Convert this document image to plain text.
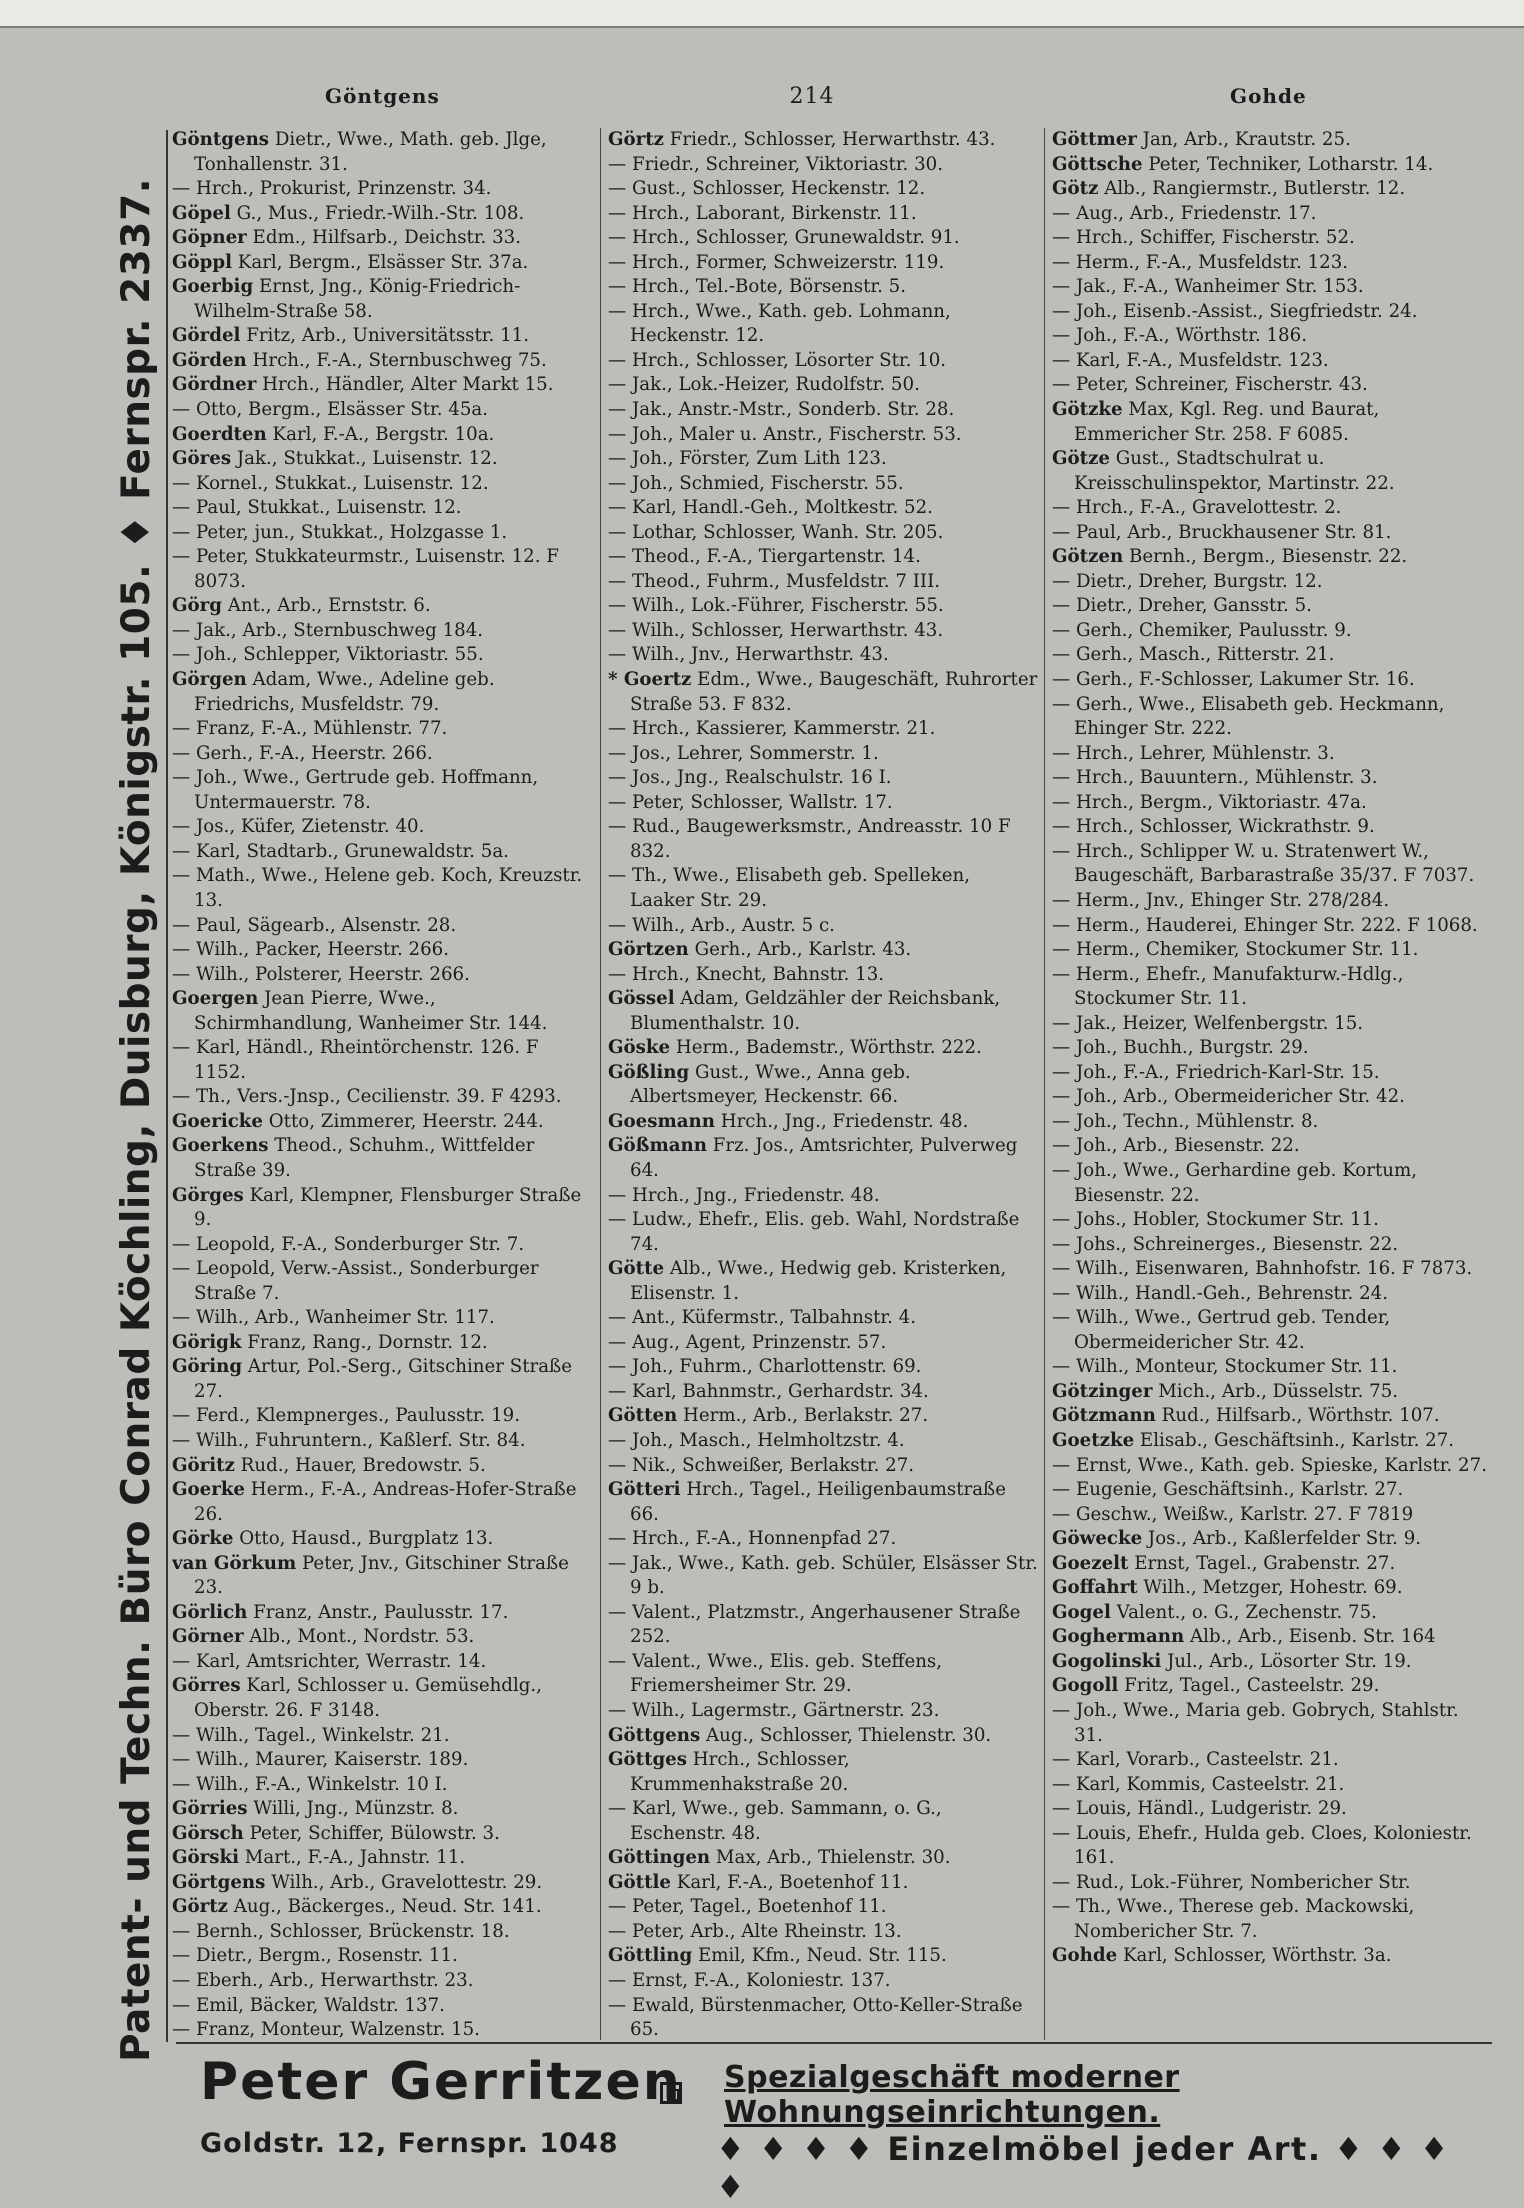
Patent- und Techn. Büro Conrad Köchling, Duisburg, Königstr. 105. ♦ Fernspr. 2337.
Göntgens	214	Gohde

Göntgens Dietr., Wwe., Math. geb. Jlge, Tonhallenstr. 31.

— Hrch., Prokurist, Prinzenstr. 34.

Göpel G., Mus., Friedr.-Wilh.-Str. 108.

Göpner Edm., Hilfsarb., Deichstr. 33.

Göppl Karl, Bergm., Elsässer Str. 37a.

Goerbig Ernst, Jng., König-Friedrich-Wilhelm-Straße 58.

Gördel Fritz, Arb., Universitätsstr. 11.

Görden Hrch., F.-A., Sternbuschweg 75.

Gördner Hrch., Händler, Alter Markt 15.

— Otto, Bergm., Elsässer Str. 45a.

Goerdten Karl, F.-A., Bergstr. 10a.

Göres Jak., Stukkat., Luisenstr. 12.

— Kornel., Stukkat., Luisenstr. 12.

— Paul, Stukkat., Luisenstr. 12.

— Peter, jun., Stukkat., Holzgasse 1.

— Peter, Stukkateurmstr., Luisenstr. 12. F 8073.

Görg Ant., Arb., Ernststr. 6.

— Jak., Arb., Sternbuschweg 184.

— Joh., Schlepper, Viktoriastr. 55.

Görgen Adam, Wwe., Adeline geb. Friedrichs, Musfeldstr. 79.

— Franz, F.-A., Mühlenstr. 77.

— Gerh., F.-A., Heerstr. 266.

— Joh., Wwe., Gertrude geb. Hoffmann, Untermauerstr. 78.

— Jos., Küfer, Zietenstr. 40.

— Karl, Stadtarb., Grunewaldstr. 5a.

— Math., Wwe., Helene geb. Koch, Kreuzstr. 13.

— Paul, Sägearb., Alsenstr. 28.

— Wilh., Packer, Heerstr. 266.

— Wilh., Polsterer, Heerstr. 266.

Goergen Jean Pierre, Wwe., Schirmhandlung, Wanheimer Str. 144.

— Karl, Händl., Rheintörchenstr. 126. F 1152.

— Th., Vers.-Jnsp., Cecilienstr. 39. F 4293.

Goericke Otto, Zimmerer, Heerstr. 244.

Goerkens Theod., Schuhm., Wittfelder Straße 39.

Görges Karl, Klempner, Flensburger Straße 9.

— Leopold, F.-A., Sonderburger Str. 7.

— Leopold, Verw.-Assist., Sonderburger Straße 7.

— Wilh., Arb., Wanheimer Str. 117.

Görigk Franz, Rang., Dornstr. 12.

Göring Artur, Pol.-Serg., Gitschiner Straße 27.

— Ferd., Klempnerges., Paulusstr. 19.

— Wilh., Fuhruntern., Kaßlerf. Str. 84.

Göritz Rud., Hauer, Bredowstr. 5.

Goerke Herm., F.-A., Andreas-Hofer-Straße 26.

Görke Otto, Hausd., Burgplatz 13.

van Görkum Peter, Jnv., Gitschiner Straße 23.

Görlich Franz, Anstr., Paulusstr. 17.

Görner Alb., Mont., Nordstr. 53.

— Karl, Amtsrichter, Werrastr. 14.

Görres Karl, Schlosser u. Gemüsehdlg., Oberstr. 26. F 3148.

— Wilh., Tagel., Winkelstr. 21.

— Wilh., Maurer, Kaiserstr. 189.

— Wilh., F.-A., Winkelstr. 10 I.

Görries Willi, Jng., Münzstr. 8.

Görsch Peter, Schiffer, Bülowstr. 3.

Görski Mart., F.-A., Jahnstr. 11.

Görtgens Wilh., Arb., Gravelottestr. 29.

Görtz Aug., Bäckerges., Neud. Str. 141.

— Bernh., Schlosser, Brückenstr. 18.

— Dietr., Bergm., Rosenstr. 11.

— Eberh., Arb., Herwarthstr. 23.

— Emil, Bäcker, Waldstr. 137.

— Franz, Monteur, Walzenstr. 15.

Görtz Friedr., Schlosser, Herwarthstr. 43.

— Friedr., Schreiner, Viktoriastr. 30.

— Gust., Schlosser, Heckenstr. 12.

— Hrch., Laborant, Birkenstr. 11.

— Hrch., Schlosser, Grunewaldstr. 91.

— Hrch., Former, Schweizerstr. 119.

— Hrch., Tel.-Bote, Börsenstr. 5.

— Hrch., Wwe., Kath. geb. Lohmann, Heckenstr. 12.

— Hrch., Schlosser, Lösorter Str. 10.

— Jak., Lok.-Heizer, Rudolfstr. 50.

— Jak., Anstr.-Mstr., Sonderb. Str. 28.

— Joh., Maler u. Anstr., Fischerstr. 53.

— Joh., Förster, Zum Lith 123.

— Joh., Schmied, Fischerstr. 55.

— Karl, Handl.-Geh., Moltkestr. 52.

— Lothar, Schlosser, Wanh. Str. 205.

— Theod., F.-A., Tiergartenstr. 14.

— Theod., Fuhrm., Musfeldstr. 7 III.

— Wilh., Lok.-Führer, Fischerstr. 55.

— Wilh., Schlosser, Herwarthstr. 43.

— Wilh., Jnv., Herwarthstr. 43.

* Goertz Edm., Wwe., Baugeschäft, Ruhrorter Straße 53. F 832.

— Hrch., Kassierer, Kammerstr. 21.

— Jos., Lehrer, Sommerstr. 1.

— Jos., Jng., Realschulstr. 16 I.

— Peter, Schlosser, Wallstr. 17.

— Rud., Baugewerksmstr., Andreasstr. 10 F 832.

— Th., Wwe., Elisabeth geb. Spelleken, Laaker Str. 29.

— Wilh., Arb., Austr. 5 c.

Görtzen Gerh., Arb., Karlstr. 43.

— Hrch., Knecht, Bahnstr. 13.

Gössel Adam, Geldzähler der Reichsbank, Blumenthalstr. 10.

Göske Herm., Bademstr., Wörthstr. 222.

Gößling Gust., Wwe., Anna geb. Albertsmeyer, Heckenstr. 66.

Goesmann Hrch., Jng., Friedenstr. 48.

Gößmann Frz. Jos., Amtsrichter, Pulverweg 64.

— Hrch., Jng., Friedenstr. 48.

— Ludw., Ehefr., Elis. geb. Wahl, Nordstraße 74.

Götte Alb., Wwe., Hedwig geb. Kristerken, Elisenstr. 1.

— Ant., Küfermstr., Talbahnstr. 4.

— Aug., Agent, Prinzenstr. 57.

— Joh., Fuhrm., Charlottenstr. 69.

— Karl, Bahnmstr., Gerhardstr. 34.

Götten Herm., Arb., Berlakstr. 27.

— Joh., Masch., Helmholtzstr. 4.

— Nik., Schweißer, Berlakstr. 27.

Götteri Hrch., Tagel., Heiligenbaumstraße 66.

— Hrch., F.-A., Honnenpfad 27.

— Jak., Wwe., Kath. geb. Schüler, Elsässer Str. 9 b.

— Valent., Platzmstr., Angerhausener Straße 252.

— Valent., Wwe., Elis. geb. Steffens, Friemersheimer Str. 29.

— Wilh., Lagermstr., Gärtnerstr. 23.

Göttgens Aug., Schlosser, Thielenstr. 30.

Göttges Hrch., Schlosser, Krummenhakstraße 20.

— Karl, Wwe., geb. Sammann, o. G., Eschenstr. 48.

Göttingen Max, Arb., Thielenstr. 30.

Göttle Karl, F.-A., Boetenhof 11.

— Peter, Tagel., Boetenhof 11.

— Peter, Arb., Alte Rheinstr. 13.

Göttling Emil, Kfm., Neud. Str. 115.

— Ernst, F.-A., Koloniestr. 137.

— Ewald, Bürstenmacher, Otto-Keller-Straße 65.

Göttmer Jan, Arb., Krautstr. 25.

Göttsche Peter, Techniker, Lotharstr. 14.

Götz Alb., Rangiermstr., Butlerstr. 12.

— Aug., Arb., Friedenstr. 17.

— Hrch., Schiffer, Fischerstr. 52.

— Herm., F.-A., Musfeldstr. 123.

— Jak., F.-A., Wanheimer Str. 153.

— Joh., Eisenb.-Assist., Siegfriedstr. 24.

— Joh., F.-A., Wörthstr. 186.

— Karl, F.-A., Musfeldstr. 123.

— Peter, Schreiner, Fischerstr. 43.

Götzke Max, Kgl. Reg. und Baurat, Emmericher Str. 258. F 6085.

Götze Gust., Stadtschulrat u. Kreisschulinspektor, Martinstr. 22.

— Hrch., F.-A., Gravelottestr. 2.

— Paul, Arb., Bruckhausener Str. 81.

Götzen Bernh., Bergm., Biesenstr. 22.

— Dietr., Dreher, Burgstr. 12.

— Dietr., Dreher, Gansstr. 5.

— Gerh., Chemiker, Paulusstr. 9.

— Gerh., Masch., Ritterstr. 21.

— Gerh., F.-Schlosser, Lakumer Str. 16.

— Gerh., Wwe., Elisabeth geb. Heckmann, Ehinger Str. 222.

— Hrch., Lehrer, Mühlenstr. 3.

— Hrch., Bauuntern., Mühlenstr. 3.

— Hrch., Bergm., Viktoriastr. 47a.

— Hrch., Schlosser, Wickrathstr. 9.

— Hrch., Schlipper W. u. Stratenwert W., Baugeschäft, Barbarastraße 35/37. F 7037.

— Herm., Jnv., Ehinger Str. 278/284.

— Herm., Hauderei, Ehinger Str. 222. F 1068.

— Herm., Chemiker, Stockumer Str. 11.

— Herm., Ehefr., Manufakturw.-Hdlg., Stockumer Str. 11.

— Jak., Heizer, Welfenbergstr. 15.

— Joh., Buchh., Burgstr. 29.

— Joh., F.-A., Friedrich-Karl-Str. 15.

— Joh., Arb., Obermeidericher Str. 42.

— Joh., Techn., Mühlenstr. 8.

— Joh., Arb., Biesenstr. 22.

— Joh., Wwe., Gerhardine geb. Kortum, Biesenstr. 22.

— Johs., Hobler, Stockumer Str. 11.

— Johs., Schreinerges., Biesenstr. 22.

— Wilh., Eisenwaren, Bahnhofstr. 16. F 7873.

— Wilh., Handl.-Geh., Behrenstr. 24.

— Wilh., Wwe., Gertrud geb. Tender, Obermeidericher Str. 42.

— Wilh., Monteur, Stockumer Str. 11.

Götzinger Mich., Arb., Düsselstr. 75.

Götzmann Rud., Hilfsarb., Wörthstr. 107.

Goetzke Elisab., Geschäftsinh., Karlstr. 27.

— Ernst, Wwe., Kath. geb. Spieske, Karlstr. 27.

— Eugenie, Geschäftsinh., Karlstr. 27.

— Geschw., Weißw., Karlstr. 27. F 7819

Göwecke Jos., Arb., Kaßlerfelder Str. 9.

Goezelt Ernst, Tagel., Grabenstr. 27.

Goffahrt Wilh., Metzger, Hohestr. 69.

Gogel Valent., o. G., Zechenstr. 75.

Goghermann Alb., Arb., Eisenb. Str. 164

Gogolinski Jul., Arb., Lösorter Str. 19.

Gogoll Fritz, Tagel., Casteelstr. 29.

— Joh., Wwe., Maria geb. Gobrych, Stahlstr. 31.

— Karl, Vorarb., Casteelstr. 21.

— Karl, Kommis, Casteelstr. 21.

— Louis, Händl., Ludgeristr. 29.

— Louis, Ehefr., Hulda geb. Cloes, Koloniestr. 161.

— Rud., Lok.-Führer, Nombericher Str.

— Th., Wwe., Therese geb. Mackowski, Nombericher Str. 7.

Gohde Karl, Schlosser, Wörthstr. 3a.

Peter Gerritzen
Goldstr. 12, Fernspr. 1048
Spezialgeschäft moderner Wohnungseinrichtungen.
♦ ♦ ♦ ♦ Einzelmöbel jeder Art. ♦ ♦ ♦ ♦
